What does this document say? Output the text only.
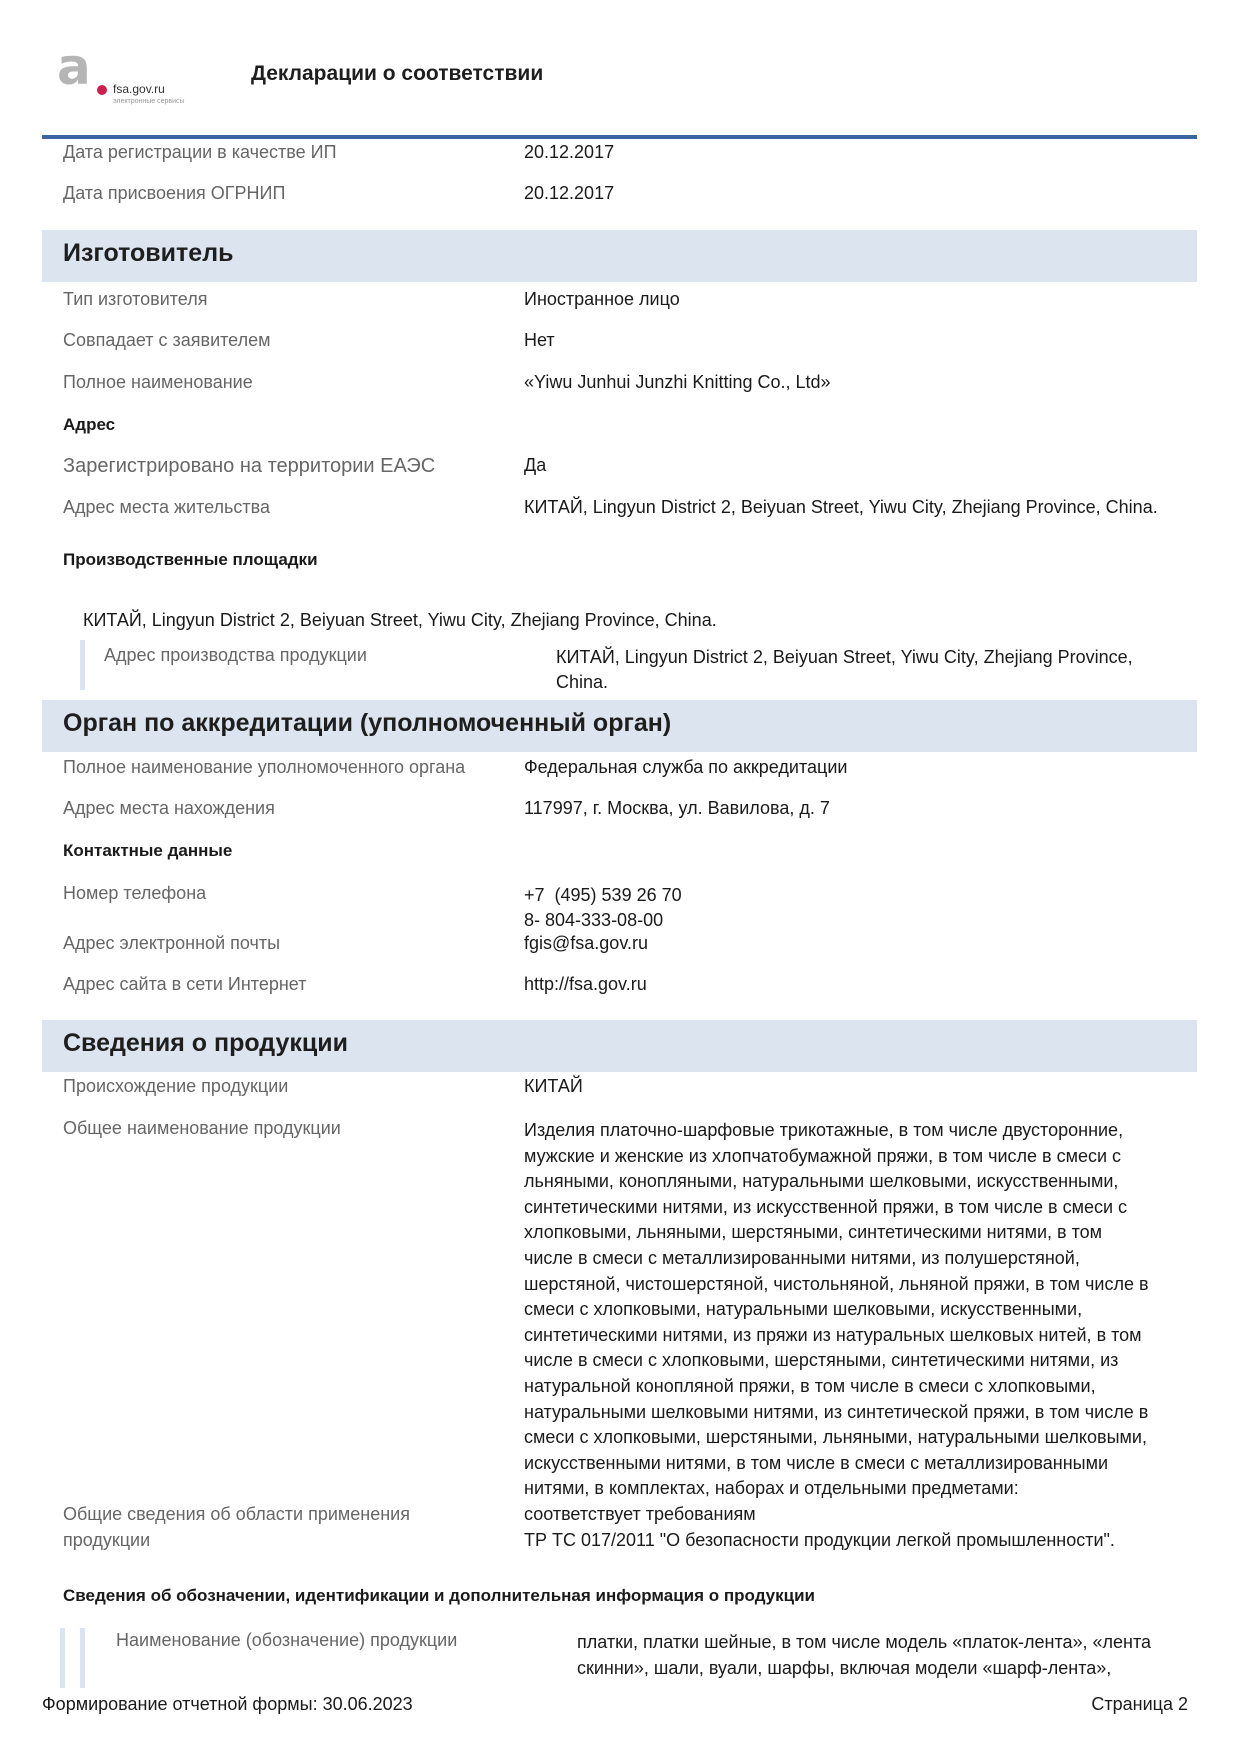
a fsa.gov.ru
электронные сервисы
Декларации о соответствии
Дата регистрации в качестве ИП	20.12.2017
Дата присвоения ОГРНИП	20.12.2017
Изготовитель
Тип изготовителя	Иностранное лицо
Совпадает с заявителем	Нет
Полное наименование	«Yiwu Junhui Junzhi Knitting Co., Ltd»
Адрес
Зарегистрировано на территории ЕАЭС	Да
Адрес места жительства	КИТАЙ, Lingyun District 2, Beiyuan Street, Yiwu City, Zhejiang Province, China.
Производственные площадки
КИТАЙ, Lingyun District 2, Beiyuan Street, Yiwu City, Zhejiang Province, China.
Адрес производства продукции	КИТАЙ, Lingyun District 2, Beiyuan Street, Yiwu City, Zhejiang Province,
China.
Орган по аккредитации (уполномоченный орган)
Полное наименование уполномоченного органа	Федеральная служба по аккредитации
Адрес места нахождения	117997, г. Москва, ул. Вавилова, д. 7
Контактные данные
Номер телефона	+7  (495) 539 26 70
8- 804-333-08-00
Адрес электронной почты	fgis@fsa.gov.ru
Адрес сайта в сети Интернет	http://fsa.gov.ru
Сведения о продукции
Происхождение продукции	КИТАЙ
Общее наименование продукции	Изделия платочно-шарфовые трикотажные, в том числе двусторонние,
мужские и женские из хлопчатобумажной пряжи, в том числе в смеси с
льняными, конопляными, натуральными шелковыми, искусственными,
синтетическими нитями, из искусственной пряжи, в том числе в смеси с
хлопковыми, льняными, шерстяными, синтетическими нитями, в том
числе в смеси с металлизированными нитями, из полушерстяной,
шерстяной, чистошерстяной, чистольняной, льняной пряжи, в том числе в
смеси с хлопковыми, натуральными шелковыми, искусственными,
синтетическими нитями, из пряжи из натуральных шелковых нитей, в том
числе в смеси с хлопковыми, шерстяными, синтетическими нитями, из
натуральной конопляной пряжи, в том числе в смеси с хлопковыми,
натуральными шелковыми нитями, из синтетической пряжи, в том числе в
смеси с хлопковыми, шерстяными, льняными, натуральными шелковыми,
искусственными нитями, в том числе в смеси с металлизированными
нитями, в комплектах, наборах и отдельными предметами:
Общие сведения об области применения
продукции
соответствует требованиям
ТР ТС 017/2011 "О безопасности продукции легкой промышленности".
Сведения об обозначении, идентификации и дополнительная информация о продукции
Наименование (обозначение) продукции	платки, платки шейные, в том числе модель «платок-лента», «лента
скинни», шали, вуали, шарфы, включая модели «шарф-лента»,
Формирование отчетной формы: 30.06.2023	Страница 2
